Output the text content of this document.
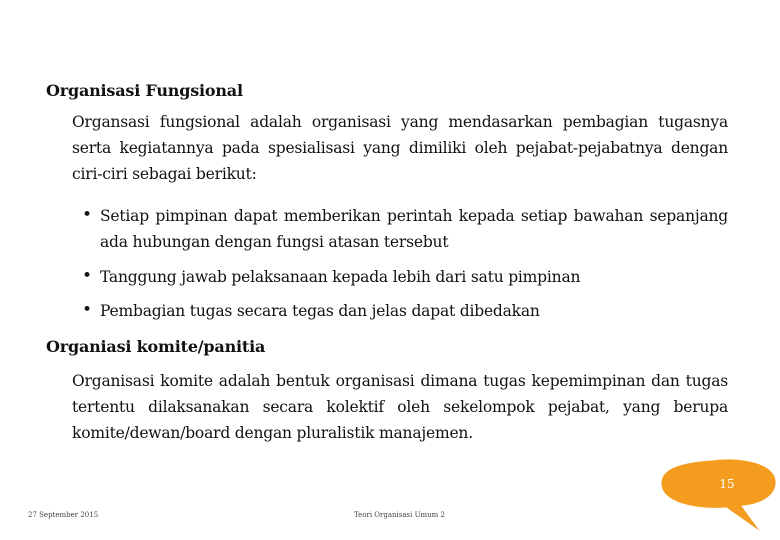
Organisasi Fungsional

Organsasi fungsional adalah organisasi yang mendasarkan pembagian tugasnya serta kegiatannya pada spesialisasi yang dimiliki oleh pejabat-pejabatnya dengan ciri-ciri sebagai berikut:

• Setiap pimpinan dapat memberikan perintah kepada setiap bawahan sepanjang ada hubungan dengan fungsi atasan tersebut
• Tanggung jawab pelaksanaan kepada lebih dari satu pimpinan
• Pembagian tugas secara tegas dan jelas dapat dibedakan
Organiasi komite/panitia

Organisasi komite adalah bentuk organisasi dimana tugas kepemimpinan dan tugas tertentu dilaksanakan secara kolektif oleh sekelompok pejabat, yang berupa komite/dewan/board dengan pluralistik manajemen.

27 September 2015	Teori Organisasi Umum 2
15
